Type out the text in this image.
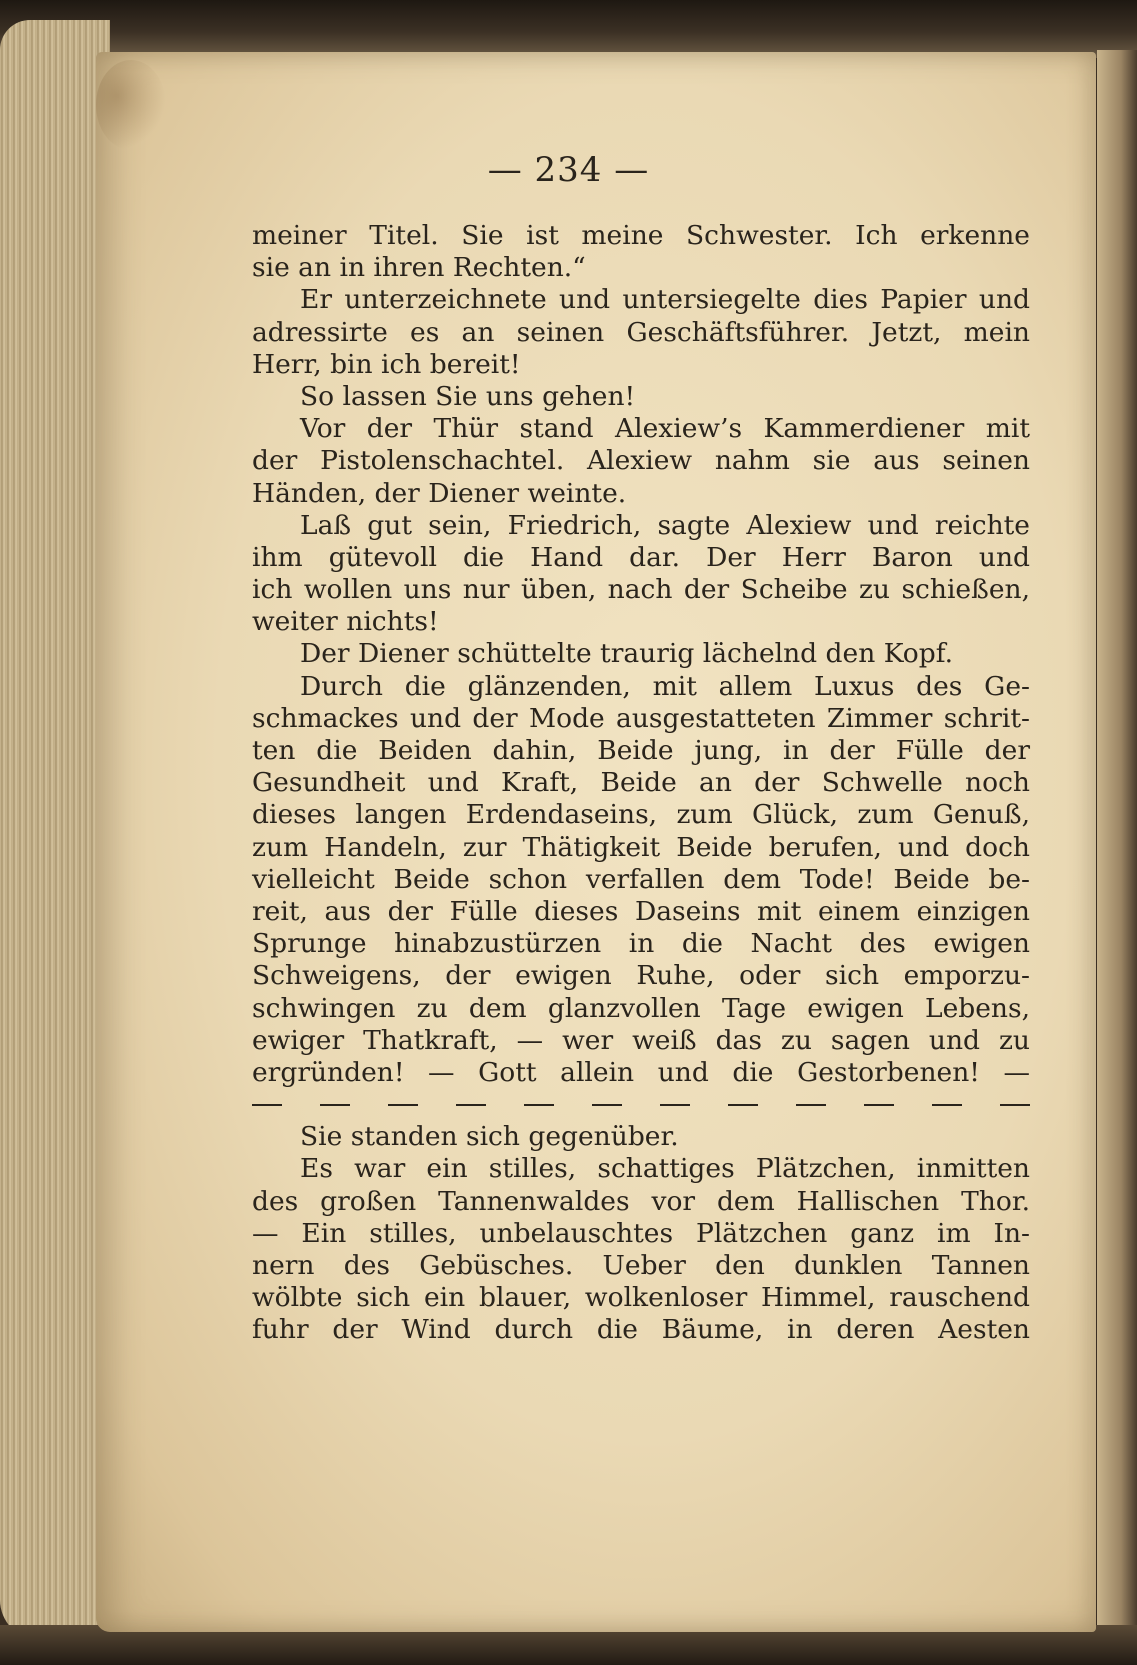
— 234 —
meiner Titel. Sie ist meine Schwester. Ich erkenne
sie an in ihren Rechten.“
Er unterzeichnete und untersiegelte dies Papier und
adressirte es an seinen Geschäftsführer. Jetzt, mein
Herr, bin ich bereit!
So lassen Sie uns gehen!
Vor der Thür stand Alexiew’s Kammerdiener mit
der Pistolenschachtel. Alexiew nahm sie aus seinen
Händen, der Diener weinte.
Laß gut sein, Friedrich, sagte Alexiew und reichte
ihm gütevoll die Hand dar. Der Herr Baron und
ich wollen uns nur üben, nach der Scheibe zu schießen,
weiter nichts!
Der Diener schüttelte traurig lächelnd den Kopf.
Durch die glänzenden, mit allem Luxus des Ge-
schmackes und der Mode ausgestatteten Zimmer schrit-
ten die Beiden dahin, Beide jung, in der Fülle der
Gesundheit und Kraft, Beide an der Schwelle noch
dieses langen Erdendaseins, zum Glück, zum Genuß,
zum Handeln, zur Thätigkeit Beide berufen, und doch
vielleicht Beide schon verfallen dem Tode! Beide be-
reit, aus der Fülle dieses Daseins mit einem einzigen
Sprunge hinabzustürzen in die Nacht des ewigen
Schweigens, der ewigen Ruhe, oder sich emporzu-
schwingen zu dem glanzvollen Tage ewigen Lebens,
ewiger Thatkraft, — wer weiß das zu sagen und zu
ergründen! — Gott allein und die Gestorbenen! —
Sie standen sich gegenüber.
Es war ein stilles, schattiges Plätzchen, inmitten
des großen Tannenwaldes vor dem Hallischen Thor.
— Ein stilles, unbelauschtes Plätzchen ganz im In-
nern des Gebüsches. Ueber den dunklen Tannen
wölbte sich ein blauer, wolkenloser Himmel, rauschend
fuhr der Wind durch die Bäume, in deren Aesten
